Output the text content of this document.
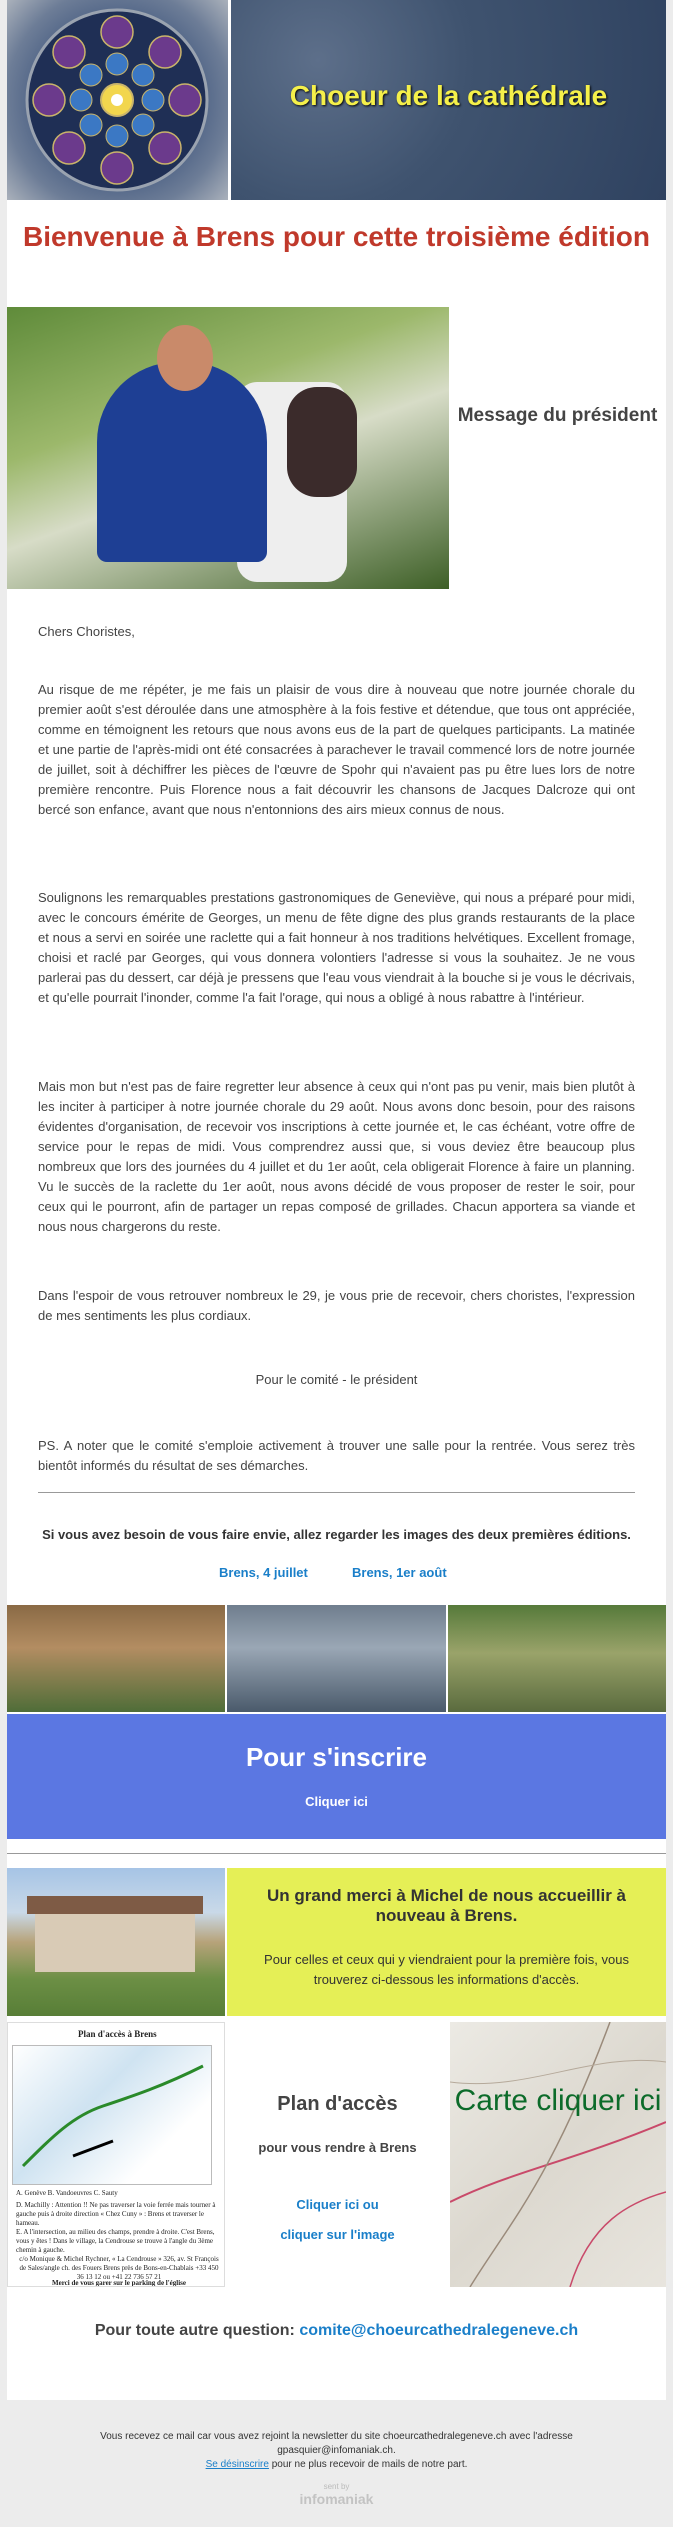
Choeur de la cathédrale
Bienvenue à Brens pour cette troisième édition
Message du président
Chers Choristes,
Au risque de me répéter, je me fais un plaisir de vous dire à nouveau que notre journée chorale du premier août s'est déroulée dans une atmosphère à la fois festive et détendue, que tous ont appréciée, comme en témoignent les retours que nous avons eus de la part de quelques participants. La matinée et une partie de l'après-midi ont été consacrées à parachever le travail commencé lors de notre journée de juillet, soit à déchiffrer les pièces de l'œuvre de Spohr qui n'avaient pas pu être lues lors de notre première rencontre. Puis Florence nous a fait découvrir les chansons de Jacques Dalcroze qui ont bercé son enfance, avant que nous n'entonnions des airs mieux connus de nous.
Soulignons les remarquables prestations gastronomiques de Geneviève, qui nous a préparé pour midi, avec le concours émérite de Georges, un menu de fête digne des plus grands restaurants de la place et nous a servi en soirée une raclette qui a fait honneur à nos traditions helvétiques. Excellent fromage, choisi et raclé par Georges, qui vous donnera volontiers l'adresse si vous la souhaitez. Je ne vous parlerai pas du dessert, car déjà je pressens que l'eau vous viendrait à la bouche si je vous le décrivais, et qu'elle pourrait l'inonder, comme l'a fait l'orage, qui nous a obligé à nous rabattre à l'intérieur.
Mais mon but n'est pas de faire regretter leur absence à ceux qui n'ont pas pu venir, mais bien plutôt à les inciter à participer à notre journée chorale du 29 août. Nous avons donc besoin, pour des raisons évidentes d'organisation, de recevoir vos inscriptions à cette journée et, le cas échéant, votre offre de service pour le repas de midi. Vous comprendrez aussi que, si vous deviez être beaucoup plus nombreux que lors des journées du 4 juillet et du 1er août, cela obligerait Florence à faire un planning. Vu le succès de la raclette du 1er août, nous avons décidé de vous proposer de rester le soir, pour ceux qui le pourront, afin de partager un repas composé de grillades. Chacun apportera sa viande et nous nous chargerons du reste.
Dans l'espoir de vous retrouver nombreux le 29, je vous prie de recevoir, chers choristes, l'expression de mes sentiments les plus cordiaux.
Pour le comité - le président
PS. A noter que le comité s'emploie activement à trouver une salle pour la rentrée. Vous serez très bientôt informés du résultat de ses démarches.
Si vous avez besoin de vous faire envie, allez regarder les images des deux premières éditions.
Brens, 4 juillet	Brens, 1er août
Pour s'inscrire
Cliquer ici
Un grand merci à Michel de nous accueillir à nouveau à Brens.
Pour celles et ceux qui y viendraient pour la première fois, vous trouverez ci-dessous les informations d'accès.
Plan d'accès à Brens
A. Genève B. Vandoeuvres C. Sauty
D. Machilly : Attention !! Ne pas traverser la voie ferrée mais tourner à gauche puis à droite direction « Chez Cuny » : Brens et traverser le hameau.
E. A l'intersection, au milieu des champs, prendre à droite. C'est Brens, vous y êtes ! Dans le village, la Cendrouse se trouve à l'angle du 3ème chemin à gauche.
c/o Monique & Michel Rychner, « La Cendrouse » 326, av. St François de Sales/angle ch. des Fouers Brens près de Bons-en-Chablais +33 450 36 13 12 ou +41 22 736 57 21
Merci de vous garer sur le parking de l'église
Plan d'accès
pour vous rendre à Brens
Cliquer ici ou
cliquer sur l'image
Carte cliquer ici
Pour toute autre question: comite@choeurcathedralegeneve.ch
Vous recevez ce mail car vous avez rejoint la newsletter du site choeurcathedralegeneve.ch avec l'adresse
gpasquier@infomaniak.ch.
Se désinscrire pour ne plus recevoir de mails de notre part.
sent by
infomaniak
